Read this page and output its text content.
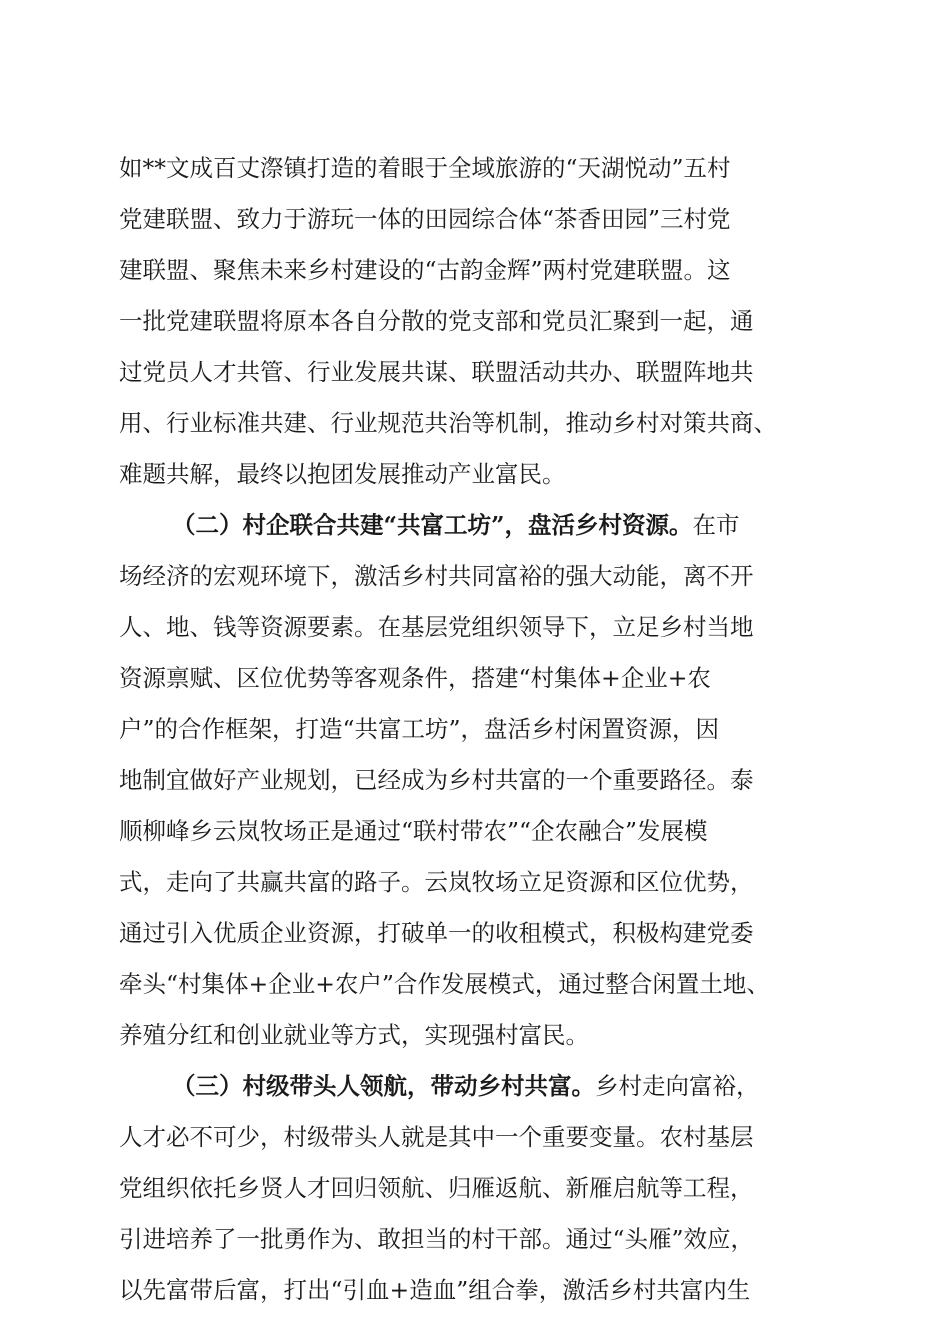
如**文成百丈漈镇打造的着眼于全域旅游的“天湖悦动”五村
党建联盟、致力于游玩一体的田园综合体“茶香田园”三村党
建联盟、聚焦未来乡村建设的“古韵金辉”两村党建联盟。这
一批党建联盟将原本各自分散的党支部和党员汇聚到一起，通
过党员人才共管、行业发展共谋、联盟活动共办、联盟阵地共
用、行业标准共建、行业规范共治等机制，推动乡村对策共商、
难题共解，最终以抱团发展推动产业富民。
（二）村企联合共建“共富工坊”，盘活乡村资源。在市
场经济的宏观环境下，激活乡村共同富裕的强大动能，离不开
人、地、钱等资源要素。在基层党组织领导下，立足乡村当地
资源禀赋、区位优势等客观条件，搭建“村集体+企业+农
户”的合作框架，打造“共富工坊”，盘活乡村闲置资源，因
地制宜做好产业规划，已经成为乡村共富的一个重要路径。泰
顺柳峰乡云岚牧场正是通过“联村带农”“企农融合”发展模
式，走向了共赢共富的路子。云岚牧场立足资源和区位优势，
通过引入优质企业资源，打破单一的收租模式，积极构建党委
牵头“村集体+企业+农户”合作发展模式，通过整合闲置土地、
养殖分红和创业就业等方式，实现强村富民。
（三）村级带头人领航，带动乡村共富。乡村走向富裕，
人才必不可少，村级带头人就是其中一个重要变量。农村基层
党组织依托乡贤人才回归领航、归雁返航、新雁启航等工程，
引进培养了一批勇作为、敢担当的村干部。通过“头雁”效应，
以先富带后富，打出“引血+造血”组合拳，激活乡村共富内生
